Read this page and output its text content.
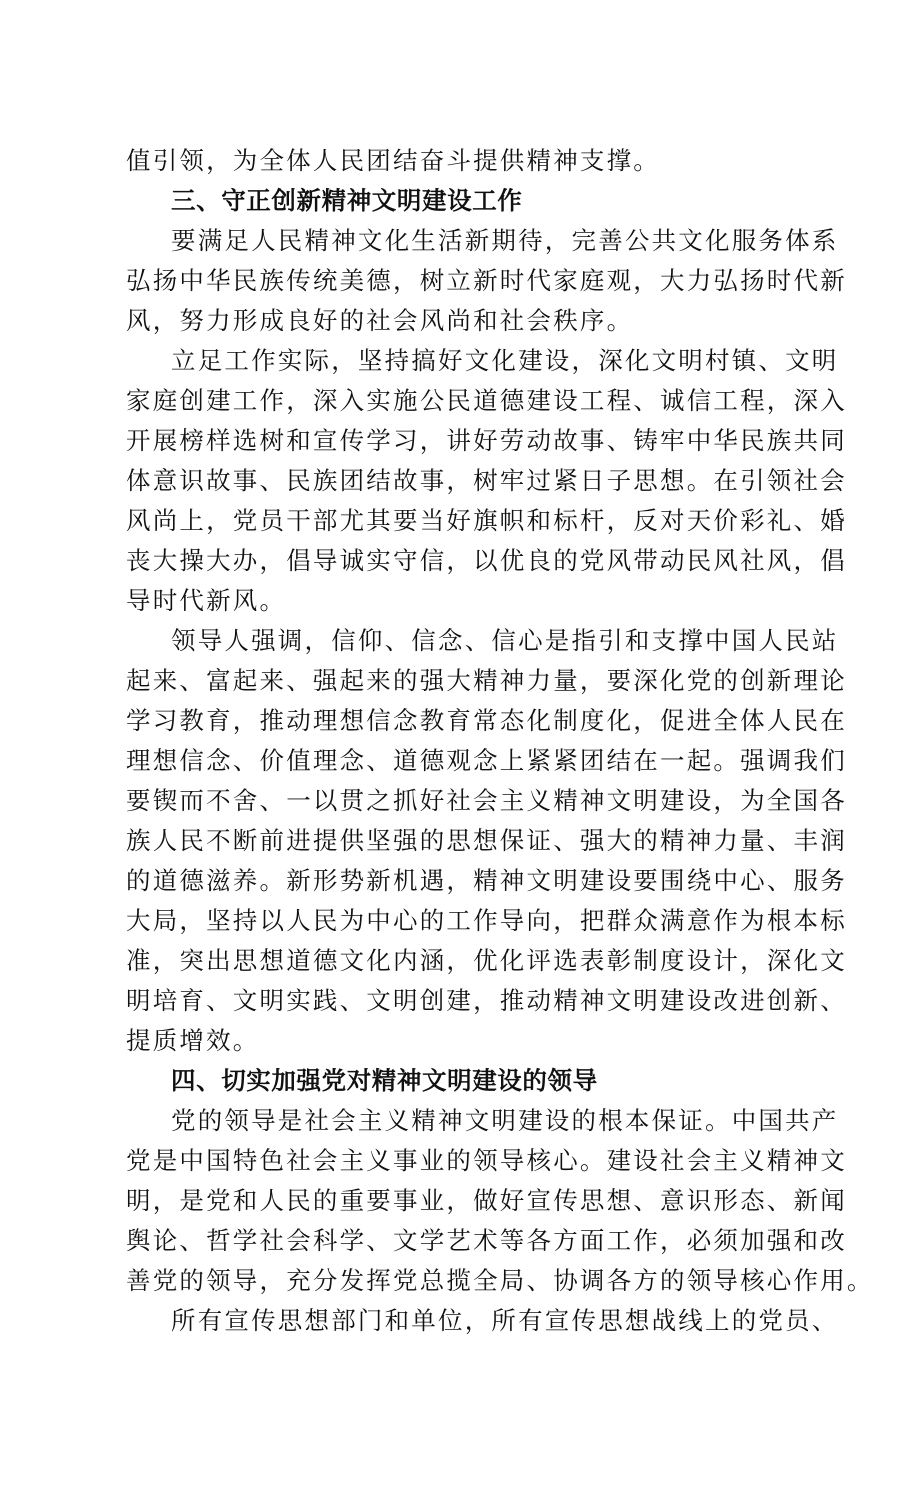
值引领，为全体人民团结奋斗提供精神支撑。
三、守正创新精神文明建设工作
要满足人民精神文化生活新期待，完善公共文化服务体系
弘扬中华民族传统美德，树立新时代家庭观，大力弘扬时代新
风，努力形成良好的社会风尚和社会秩序。
立足工作实际，坚持搞好文化建设，深化文明村镇、文明
家庭创建工作，深入实施公民道德建设工程、诚信工程，深入
开展榜样选树和宣传学习，讲好劳动故事、铸牢中华民族共同
体意识故事、民族团结故事，树牢过紧日子思想。在引领社会
风尚上，党员干部尤其要当好旗帜和标杆，反对天价彩礼、婚
丧大操大办，倡导诚实守信，以优良的党风带动民风社风，倡
导时代新风。
领导人强调，信仰、信念、信心是指引和支撑中国人民站
起来、富起来、强起来的强大精神力量，要深化党的创新理论
学习教育，推动理想信念教育常态化制度化，促进全体人民在
理想信念、价值理念、道德观念上紧紧团结在一起。强调我们
要锲而不舍、一以贯之抓好社会主义精神文明建设，为全国各
族人民不断前进提供坚强的思想保证、强大的精神力量、丰润
的道德滋养。新形势新机遇，精神文明建设要围绕中心、服务
大局，坚持以人民为中心的工作导向，把群众满意作为根本标
准，突出思想道德文化内涵，优化评选表彰制度设计，深化文
明培育、文明实践、文明创建，推动精神文明建设改进创新、
提质增效。
四、切实加强党对精神文明建设的领导
党的领导是社会主义精神文明建设的根本保证。中国共产
党是中国特色社会主义事业的领导核心。建设社会主义精神文
明，是党和人民的重要事业，做好宣传思想、意识形态、新闻
舆论、哲学社会科学、文学艺术等各方面工作，必须加强和改
善党的领导，充分发挥党总揽全局、协调各方的领导核心作用。
所有宣传思想部门和单位，所有宣传思想战线上的党员、
